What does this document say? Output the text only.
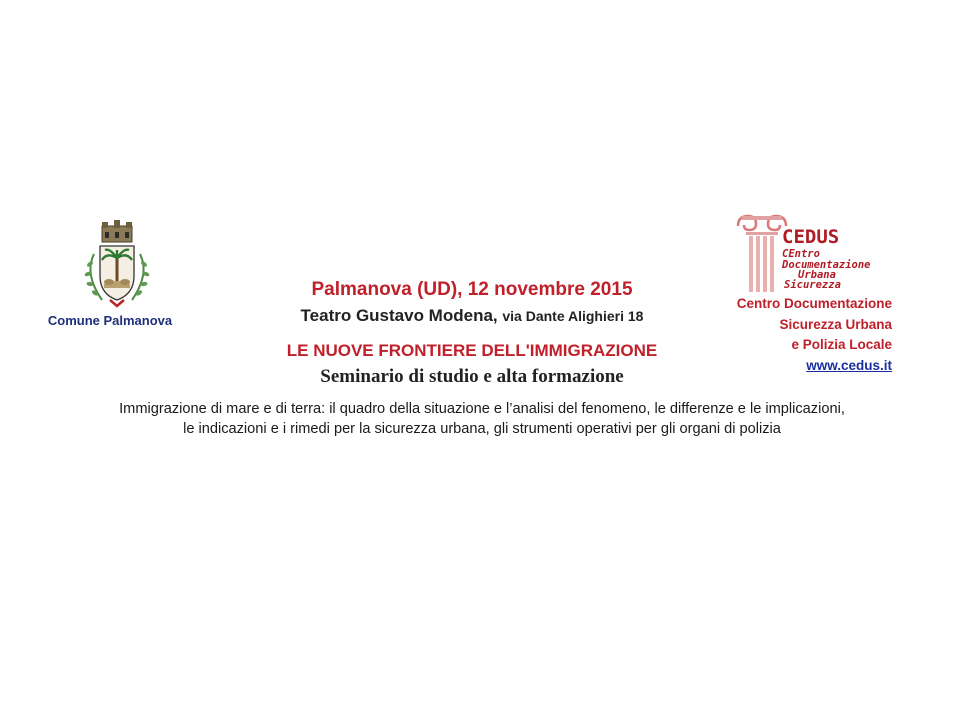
Comune Palmanova
CEDUS
CEntro
Documentazione
Urbana
Sicurezza
Centro Documentazione
Sicurezza Urbana
e Polizia Locale
www.cedus.it
Palmanova (UD), 12 novembre 2015
Teatro Gustavo Modena, via Dante Alighieri 18
LE NUOVE FRONTIERE DELL'IMMIGRAZIONE
Seminario di studio e alta formazione
Immigrazione di mare e di terra: il quadro della situazione e l’analisi del fenomeno, le differenze e le implicazioni,
le indicazioni e i rimedi per la sicurezza urbana, gli strumenti operativi per gli organi di polizia
